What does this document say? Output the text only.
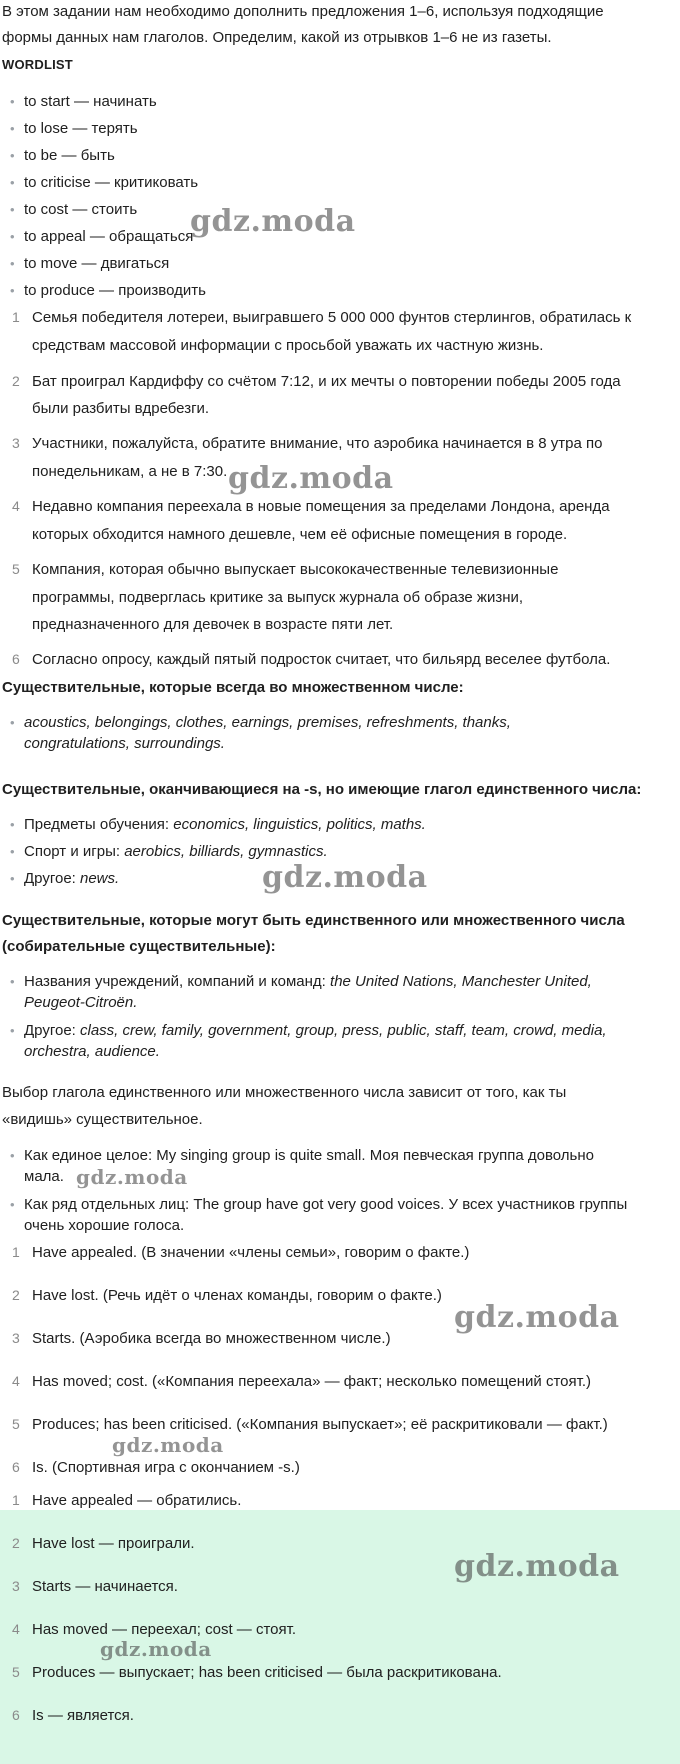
В этом задании нам необходимо дополнить предложения 1–6, используя подходящие
формы данных нам глаголов. Определим, какой из отрывков 1–6 не из газеты.
WORDLIST
• to start — начинать
• to lose — терять
• to be — быть
• to criticise — критиковать
• to cost — стоить
• to appeal — обращаться
• to move — двигаться
• to produce — производить
1 Семья победителя лотереи, выигравшего 5 000 000 фунтов стерлингов, обратилась к
средствам массовой информации с просьбой уважать их частную жизнь.
2 Бат проиграл Кардиффу со счётом 7:12, и их мечты о повторении победы 2005 года
были разбиты вдребезги.
3 Участники, пожалуйста, обратите внимание, что аэробика начинается в 8 утра по
понедельникам, а не в 7:30.
4 Недавно компания переехала в новые помещения за пределами Лондона, аренда
которых обходится намного дешевле, чем её офисные помещения в городе.
5 Компания, которая обычно выпускает высококачественные телевизионные
программы, подверглась критике за выпуск журнала об образе жизни,
предназначенного для девочек в возрасте пяти лет.
6 Согласно опросу, каждый пятый подросток считает, что бильярд веселее футбола.
Существительные, которые всегда во множественном числе:
• acoustics, belongings, clothes, earnings, premises, refreshments, thanks,
congratulations, surroundings.
Существительные, оканчивающиеся на -s, но имеющие глагол единственного числа:
• Предметы обучения: economics, linguistics, politics, maths.
• Спорт и игры: aerobics, billiards, gymnastics.
• Другое: news.
Существительные, которые могут быть единственного или множественного числа
(собирательные существительные):
• Названия учреждений, компаний и команд: the United Nations, Manchester United,
Peugeot-Citroën.
• Другое: class, crew, family, government, group, press, public, staff, team, crowd, media,
orchestra, audience.
Выбор глагола единственного или множественного числа зависит от того, как ты
«видишь» существительное.
• Как единое целое: My singing group is quite small. Моя певческая группа довольно
мала.
• Как ряд отдельных лиц: The group have got very good voices. У всех участников группы
очень хорошие голоса.
1 Have appealed. (В значении «члены семьи», говорим о факте.)
2 Have lost. (Речь идёт о членах команды, говорим о факте.)
3 Starts. (Аэробика всегда во множественном числе.)
4 Has moved; cost. («Компания переехала» — факт; несколько помещений стоят.)
5 Produces; has been criticised. («Компания выпускает»; её раскритиковали — факт.)
6 Is. (Спортивная игра с окончанием -s.)
1 Have appealed — обратились.
2 Have lost — проиграли.
3 Starts — начинается.
4 Has moved — переехал; cost — стоят.
5 Produces — выпускает; has been criticised — была раскритикована.
6 Is — является.
gdz.moda
gdz.moda
gdz.moda
gdz.moda
gdz.moda
gdz.moda
gdz.moda
gdz.moda
